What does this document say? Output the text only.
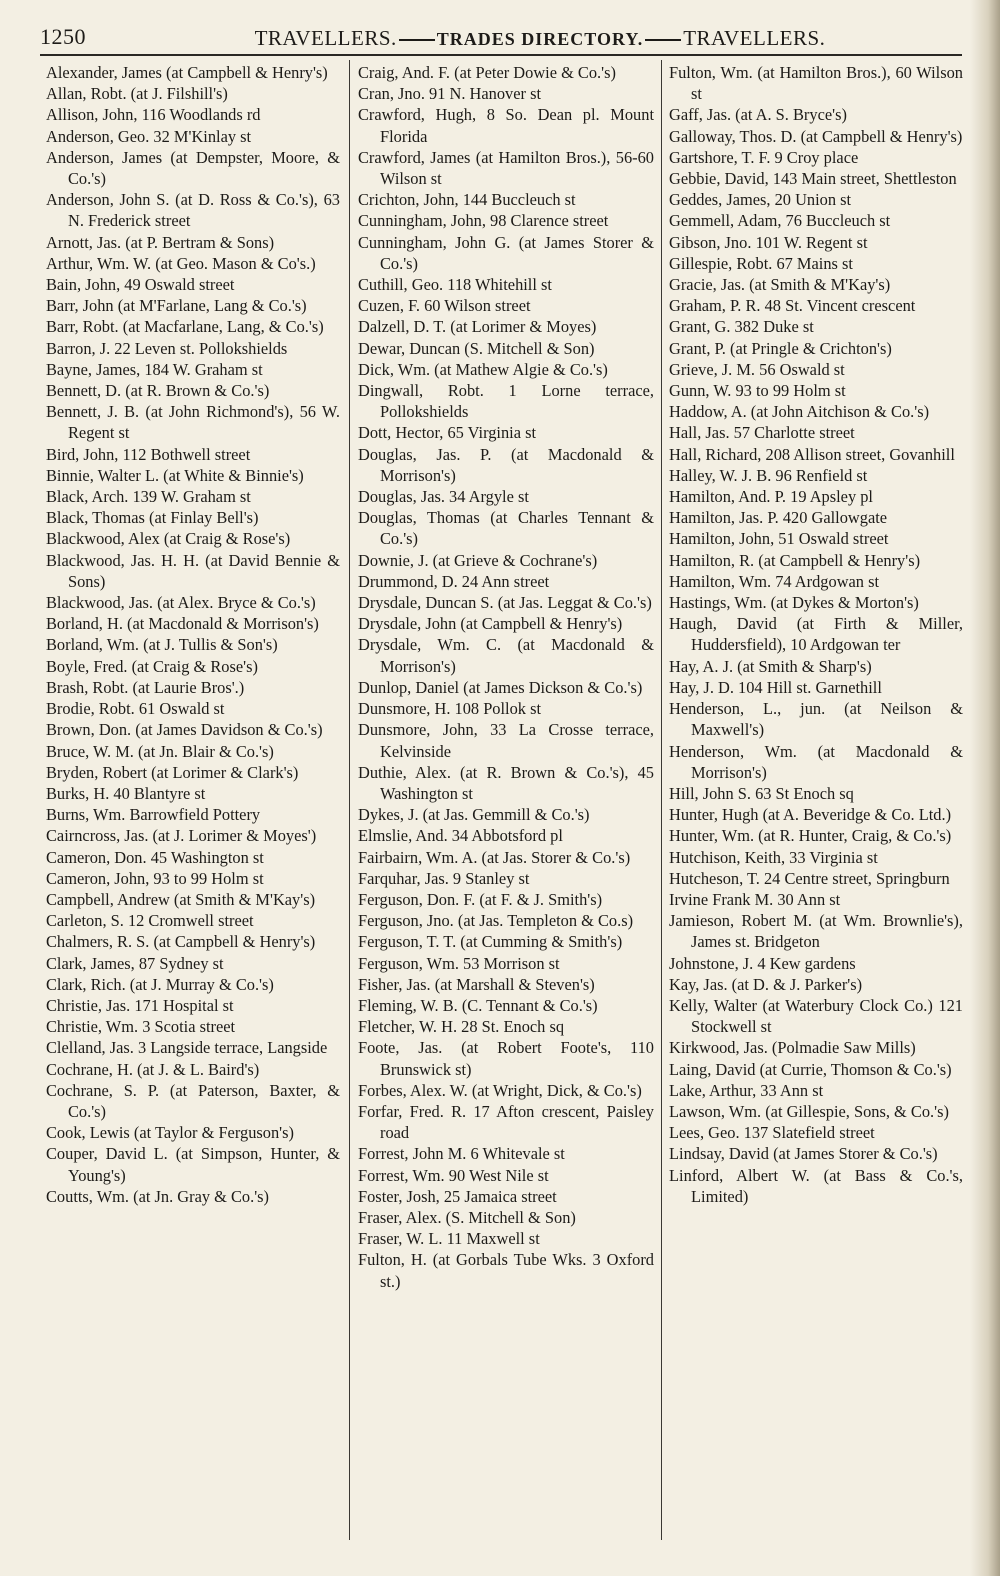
1250	TRAVELLERS. TRADES DIRECTORY. TRAVELLERS.

Alexander, James (at Campbell & Henry's)

Allan, Robt. (at J. Filshill's)

Allison, John, 116 Woodlands rd

Anderson, Geo. 32 M'Kinlay st

Anderson, James (at Dempster, Moore, & Co.'s)

Anderson, John S. (at D. Ross & Co.'s), 63 N. Frederick street

Arnott, Jas. (at P. Bertram & Sons)

Arthur, Wm. W. (at Geo. Mason & Co's.)

Bain, John, 49 Oswald street

Barr, John (at M'Farlane, Lang & Co.'s)

Barr, Robt. (at Macfarlane, Lang, & Co.'s)

Barron, J. 22 Leven st. Pollokshields

Bayne, James, 184 W. Graham st

Bennett, D. (at R. Brown & Co.'s)

Bennett, J. B. (at John Richmond's), 56 W. Regent st

Bird, John, 112 Bothwell street

Binnie, Walter L. (at White & Binnie's)

Black, Arch. 139 W. Graham st

Black, Thomas (at Finlay Bell's)

Blackwood, Alex (at Craig & Rose's)

Blackwood, Jas. H. H. (at David Bennie & Sons)

Blackwood, Jas. (at Alex. Bryce & Co.'s)

Borland, H. (at Macdonald & Morrison's)

Borland, Wm. (at J. Tullis & Son's)

Boyle, Fred. (at Craig & Rose's)

Brash, Robt. (at Laurie Bros'.)

Brodie, Robt. 61 Oswald st

Brown, Don. (at James Davidson & Co.'s)

Bruce, W. M. (at Jn. Blair & Co.'s)

Bryden, Robert (at Lorimer & Clark's)

Burks, H. 40 Blantyre st

Burns, Wm. Barrowfield Pottery

Cairncross, Jas. (at J. Lorimer & Moyes')

Cameron, Don. 45 Washington st

Cameron, John, 93 to 99 Holm st

Campbell, Andrew (at Smith & M'Kay's)

Carleton, S. 12 Cromwell street

Chalmers, R. S. (at Campbell & Henry's)

Clark, James, 87 Sydney st

Clark, Rich. (at J. Murray & Co.'s)

Christie, Jas. 171 Hospital st

Christie, Wm. 3 Scotia street

Clelland, Jas. 3 Langside terrace, Langside

Cochrane, H. (at J. & L. Baird's)

Cochrane, S. P. (at Paterson, Baxter, & Co.'s)

Cook, Lewis (at Taylor & Ferguson's)

Couper, David L. (at Simpson, Hunter, & Young's)

Coutts, Wm. (at Jn. Gray & Co.'s)

Craig, And. F. (at Peter Dowie & Co.'s)

Cran, Jno. 91 N. Hanover st

Crawford, Hugh, 8 So. Dean pl. Mount Florida

Crawford, James (at Hamilton Bros.), 56-60 Wilson st

Crichton, John, 144 Buccleuch st

Cunningham, John, 98 Clarence street

Cunningham, John G. (at James Storer & Co.'s)

Cuthill, Geo. 118 Whitehill st

Cuzen, F. 60 Wilson street

Dalzell, D. T. (at Lorimer & Moyes)

Dewar, Duncan (S. Mitchell & Son)

Dick, Wm. (at Mathew Algie & Co.'s)

Dingwall, Robt. 1 Lorne terrace, Pollokshields

Dott, Hector, 65 Virginia st

Douglas, Jas. P. (at Macdonald & Morrison's)

Douglas, Jas. 34 Argyle st

Douglas, Thomas (at Charles Tennant & Co.'s)

Downie, J. (at Grieve & Cochrane's)

Drummond, D. 24 Ann street

Drysdale, Duncan S. (at Jas. Leggat & Co.'s)

Drysdale, John (at Campbell & Henry's)

Drysdale, Wm. C. (at Macdonald & Morrison's)

Dunlop, Daniel (at James Dickson & Co.'s)

Dunsmore, H. 108 Pollok st

Dunsmore, John, 33 La Crosse terrace, Kelvinside

Duthie, Alex. (at R. Brown & Co.'s), 45 Washington st

Dykes, J. (at Jas. Gemmill & Co.'s)

Elmslie, And. 34 Abbotsford pl

Fairbairn, Wm. A. (at Jas. Storer & Co.'s)

Farquhar, Jas. 9 Stanley st

Ferguson, Don. F. (at F. & J. Smith's)

Ferguson, Jno. (at Jas. Templeton & Co.s)

Ferguson, T. T. (at Cumming & Smith's)

Ferguson, Wm. 53 Morrison st

Fisher, Jas. (at Marshall & Steven's)

Fleming, W. B. (C. Tennant & Co.'s)

Fletcher, W. H. 28 St. Enoch sq

Foote, Jas. (at Robert Foote's, 110 Brunswick st)

Forbes, Alex. W. (at Wright, Dick, & Co.'s)

Forfar, Fred. R. 17 Afton crescent, Paisley road

Forrest, John M. 6 Whitevale st

Forrest, Wm. 90 West Nile st

Foster, Josh, 25 Jamaica street

Fraser, Alex. (S. Mitchell & Son)

Fraser, W. L. 11 Maxwell st

Fulton, H. (at Gorbals Tube Wks. 3 Oxford st.)

Fulton, Wm. (at Hamilton Bros.), 60 Wilson st

Gaff, Jas. (at A. S. Bryce's)

Galloway, Thos. D. (at Campbell & Henry's)

Gartshore, T. F. 9 Croy place

Gebbie, David, 143 Main street, Shettleston

Geddes, James, 20 Union st

Gemmell, Adam, 76 Buccleuch st

Gibson, Jno. 101 W. Regent st

Gillespie, Robt. 67 Mains st

Gracie, Jas. (at Smith & M'Kay's)

Graham, P. R. 48 St. Vincent crescent

Grant, G. 382 Duke st

Grant, P. (at Pringle & Crichton's)

Grieve, J. M. 56 Oswald st

Gunn, W. 93 to 99 Holm st

Haddow, A. (at John Aitchison & Co.'s)

Hall, Jas. 57 Charlotte street

Hall, Richard, 208 Allison street, Govanhill

Halley, W. J. B. 96 Renfield st

Hamilton, And. P. 19 Apsley pl

Hamilton, Jas. P. 420 Gallowgate

Hamilton, John, 51 Oswald street

Hamilton, R. (at Campbell & Henry's)

Hamilton, Wm. 74 Ardgowan st

Hastings, Wm. (at Dykes & Morton's)

Haugh, David (at Firth & Miller, Huddersfield), 10 Ardgowan ter

Hay, A. J. (at Smith & Sharp's)

Hay, J. D. 104 Hill st. Garnethill

Henderson, L., jun. (at Neilson & Maxwell's)

Henderson, Wm. (at Macdonald & Morrison's)

Hill, John S. 63 St Enoch sq

Hunter, Hugh (at A. Beveridge & Co. Ltd.)

Hunter, Wm. (at R. Hunter, Craig, & Co.'s)

Hutchison, Keith, 33 Virginia st

Hutcheson, T. 24 Centre street, Springburn

Irvine Frank M. 30 Ann st

Jamieson, Robert M. (at Wm. Brownlie's), James st. Bridgeton

Johnstone, J. 4 Kew gardens

Kay, Jas. (at D. & J. Parker's)

Kelly, Walter (at Waterbury Clock Co.) 121 Stockwell st

Kirkwood, Jas. (Polmadie Saw Mills)

Laing, David (at Currie, Thomson & Co.'s)

Lake, Arthur, 33 Ann st

Lawson, Wm. (at Gillespie, Sons, & Co.'s)

Lees, Geo. 137 Slatefield street

Lindsay, David (at James Storer & Co.'s)

Linford, Albert W. (at Bass & Co.'s, Limited)
